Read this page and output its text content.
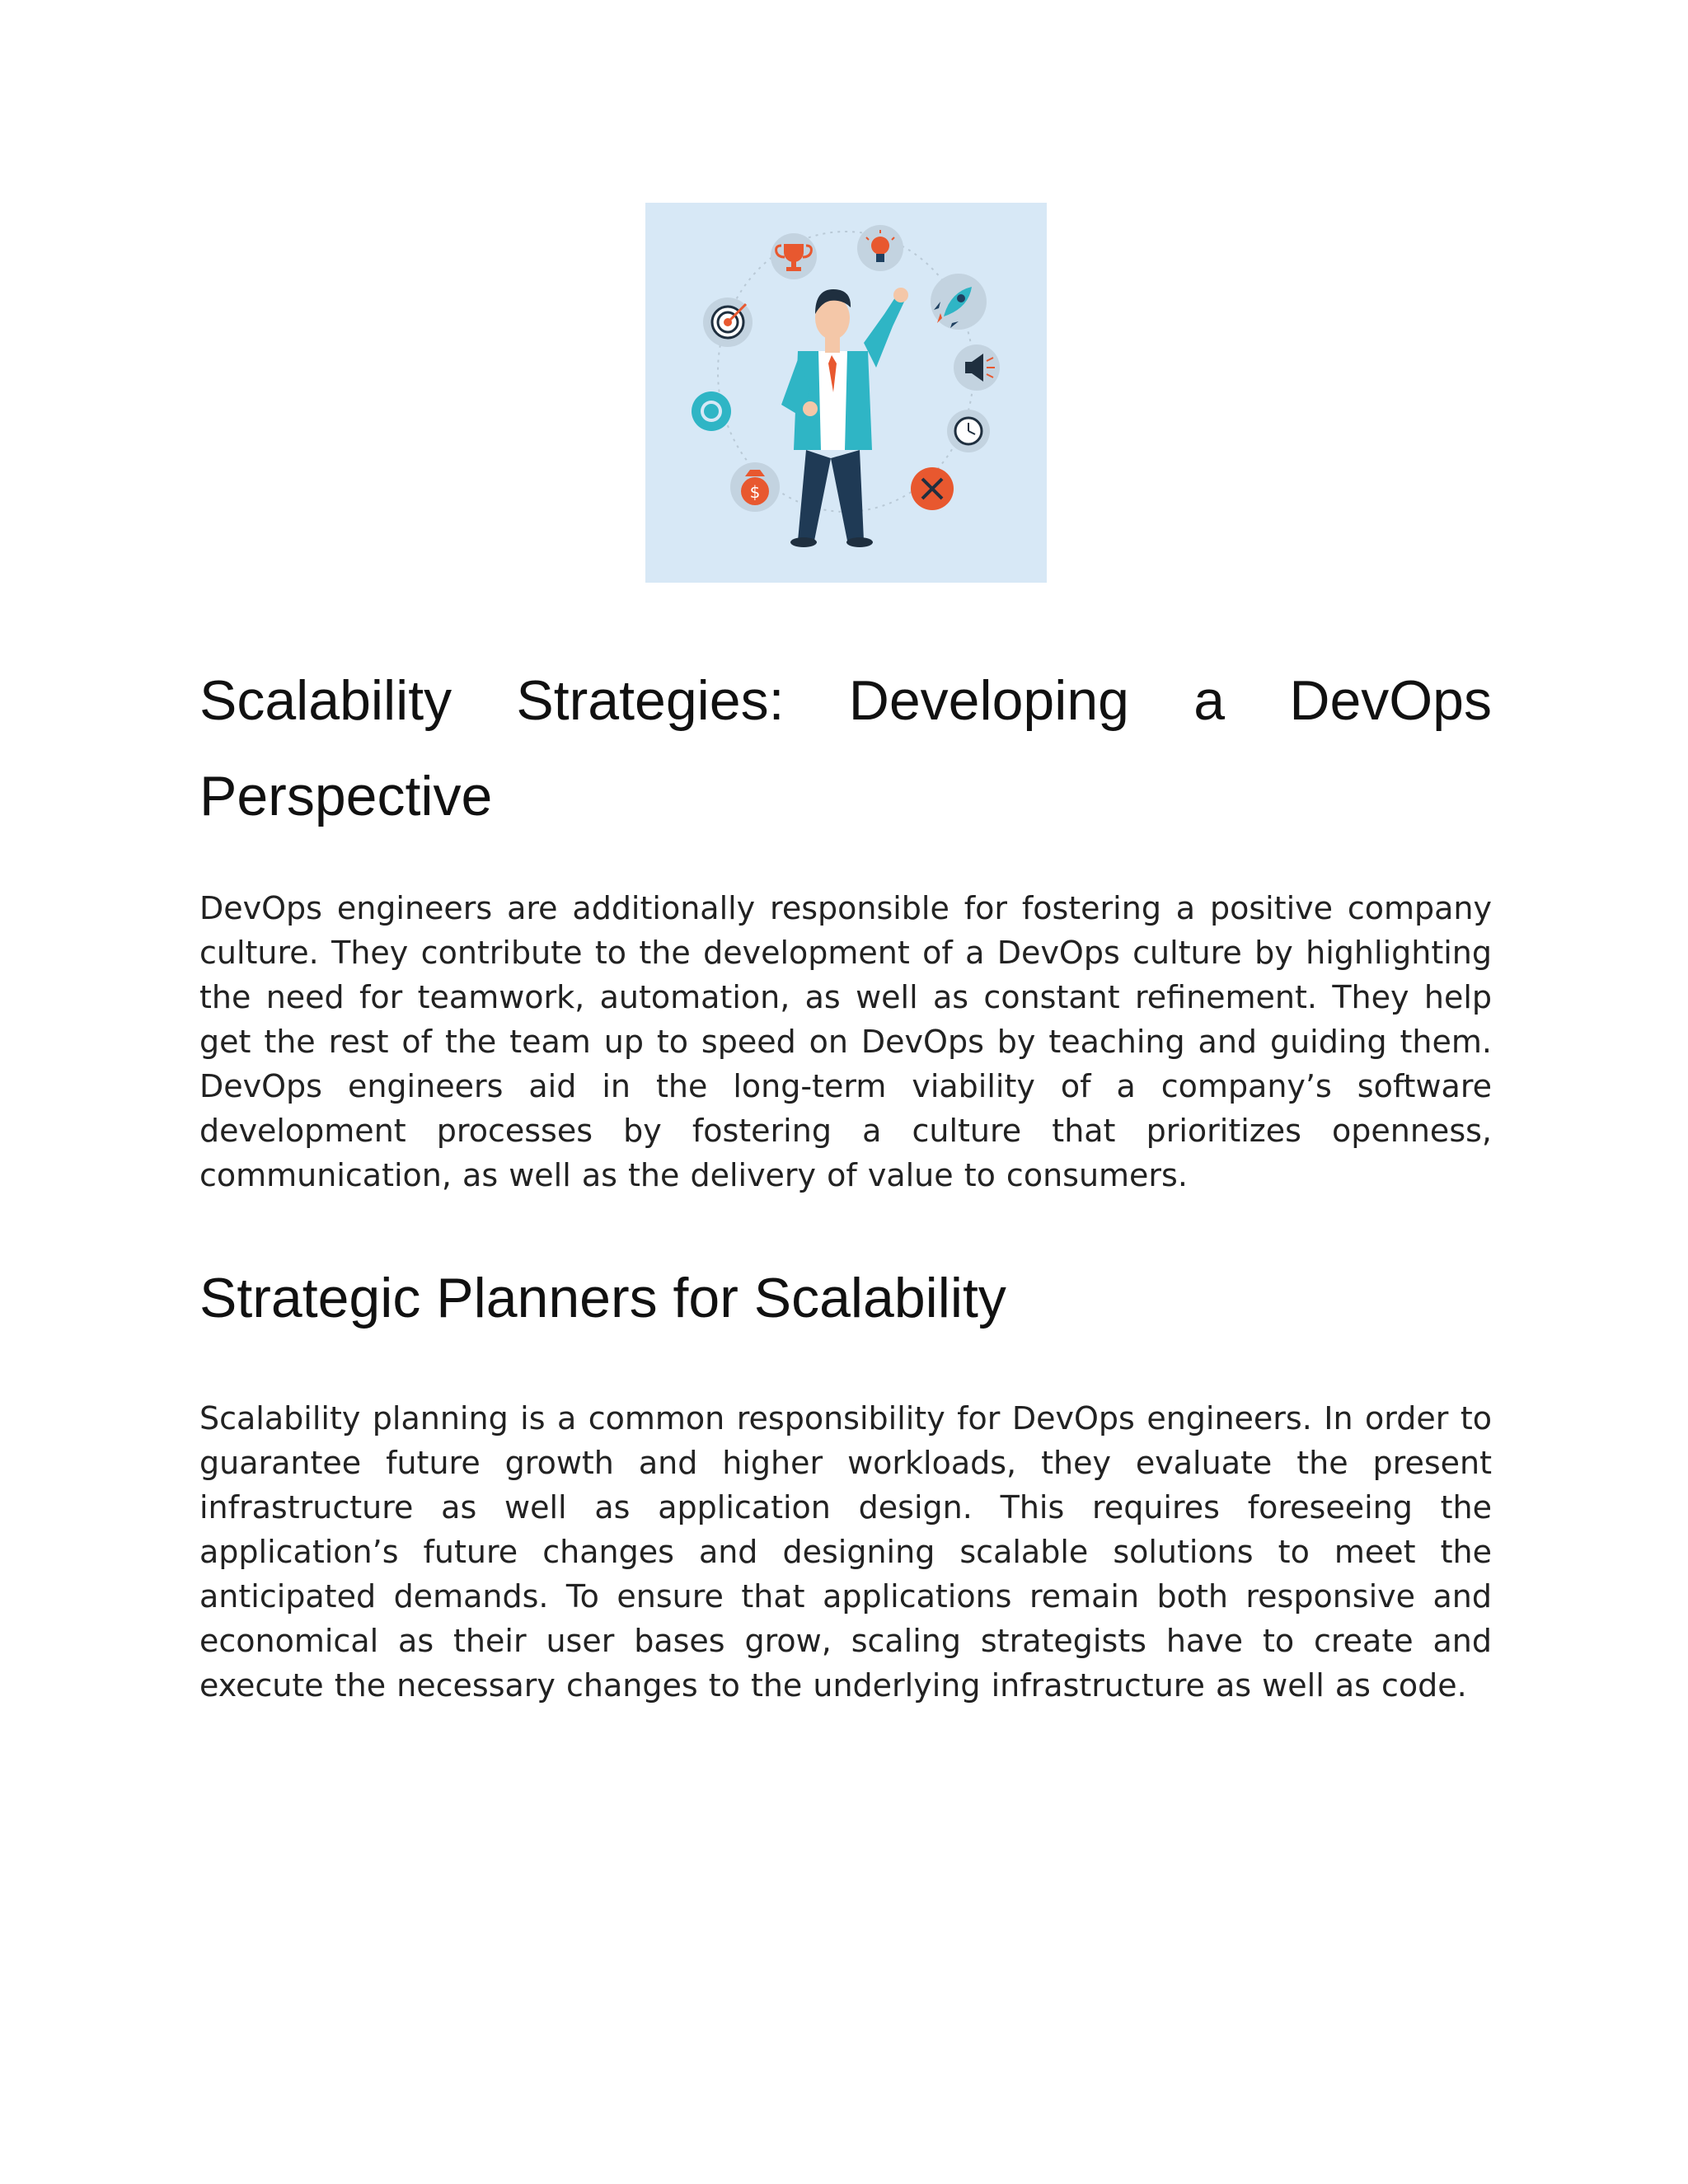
$
Scalability Strategies: Developing a DevOps Perspective

DevOps engineers are additionally responsible for fostering a positive company culture. They contribute to the development of a DevOps culture by highlighting the need for teamwork, automation, as well as constant refinement. They help get the rest of the team up to speed on DevOps by teaching and guiding them. DevOps engineers aid in the long-term viability of a company’s software development processes by fostering a culture that prioritizes openness, communication, as well as the delivery of value to consumers.

Strategic Planners for Scalability

Scalability planning is a common responsibility for DevOps engineers. In order to guarantee future growth and higher workloads, they evaluate the present infrastructure as well as application design. This requires foreseeing the application’s future changes and designing scalable solutions to meet the anticipated demands. To ensure that applications remain both responsive and economical as their user bases grow, scaling strategists have to create and execute the necessary changes to the underlying infrastructure as well as code.
